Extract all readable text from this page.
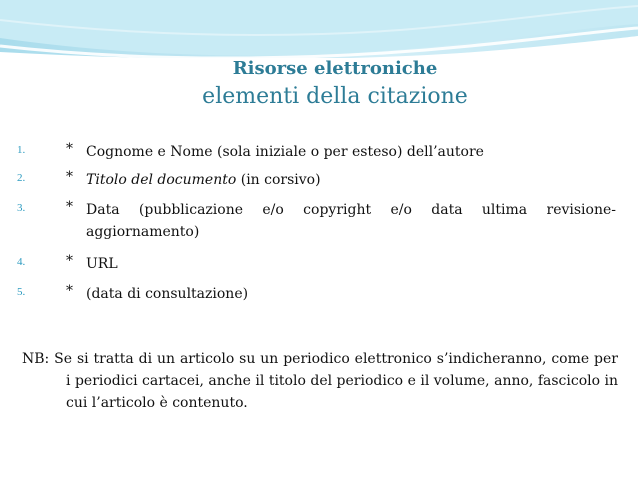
Risorse elettroniche
elementi della citazione
1.	* Cognome e Nome (sola iniziale o per esteso) dell’autore
2.	* Titolo del documento (in corsivo)
3.	* Data (pubblicazione e/o copyright e/o data ultima revisione-
aggiornamento)
4.	* URL
5.	* (data di consultazione)
NB: Se si tratta di un articolo su un periodico elettronico s’indicheranno, come per i periodici cartacei, anche il titolo del periodico e il volume, anno, fascicolo in cui l’articolo è contenuto.
